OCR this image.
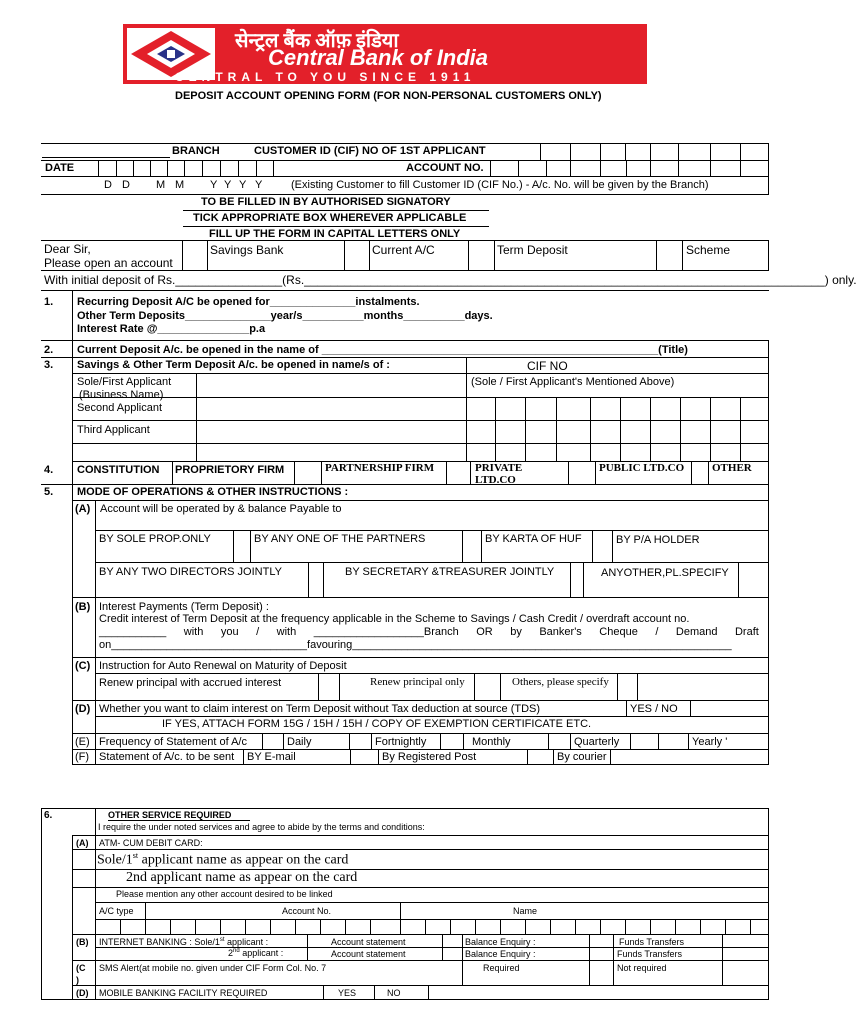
सेन्ट्रल बैंक ऑफ़ इंडिया
Central Bank of India
CENTRAL TO YOU SINCE 1911
DEPOSIT ACCOUNT OPENING FORM (FOR NON-PERSONAL CUSTOMERS ONLY)
BRANCH	CUSTOMER ID (CIF) NO OF 1ST APPLICANT
DATE	ACCOUNT NO.
D D M M Y Y Y Y	(Existing Customer to fill Customer ID (CIF No.) - A/c. No. will be given by the Branch)
TO BE FILLED IN BY AUTHORISED SIGNATORY
TICK APPROPRIATE BOX WHEREVER APPLICABLE
FILL UP THE FORM IN CAPITAL LETTERS ONLY
Dear Sir,
Please open an account
Savings Bank	Current A/C	Term Deposit	Scheme
With initial deposit of Rs.________________(Rs.______________________________________________________________________________) only.
1. Recurring Deposit A/C be opened for______________instalments.
Other Term Deposits______________year/s__________months__________days.
Interest Rate @_______________p.a
2. Current Deposit A/c. be opened in the name of _______________________________________________________(Title)
3. Savings & Other Term Deposit A/c. be opened in name/s of :	CIF NO
Sole/First Applicant
(Business Name)
(Sole / First Applicant's Mentioned Above)
Second Applicant
Third Applicant
4. CONSTITUTION PROPRIETORY FIRM	PARTNERSHIP FIRM	PRIVATE
LTD.CO
PUBLIC LTD.CO	OTHER
5. MODE OF OPERATIONS & OTHER INSTRUCTIONS :
(A) Account will be operated by & balance Payable to
BY SOLE PROP.ONLY	BY ANY ONE OF THE PARTNERS	BY KARTA OF HUF	BY P/A HOLDER
BY ANY TWO DIRECTORS JOINTLY	BY SECRETARY &TREASURER JOINTLY	ANYOTHER,PL.SPECIFY
(B) Interest Payments (Term Deposit) :
Credit interest of Term Deposit at the frequency applicable in the Scheme to Savings / Cash Credit / overdraft account no.
___________ with you / with __________________Branch OR by Banker's Cheque / Demand Draft
on________________________________favouring______________________________________________________________
(C) Instruction for Auto Renewal on Maturity of Deposit
Renew principal with accrued interest	Renew principal only	Others, please specify
(D) Whether you want to claim interest on Term Deposit without Tax deduction at source (TDS)	YES / NO
IF YES, ATTACH FORM 15G / 15H / 15H / COPY OF EXEMPTION CERTIFICATE ETC.
(E) Frequency of Statement of A/c	Daily	Fortnightly	Monthly	Quarterly	Yearly '
(F) Statement of A/c. to be sent BY E-mail	By Registered Post	By courier
6.	OTHER SERVICE REQUIRED
I require the under noted services and agree to abide by the terms and conditions:
(A) ATM- CUM DEBIT CARD:
Sole/1st applicant name as appear on the card
2nd applicant name as appear on the card
Please mention any other account desired to be linked
A/C type	Account No.	Name
(B) INTERNET BANKING : Sole/1st applicant :	Account statement	Balance Enquiry :	Funds Transfers
2nd applicant :	Account statement	Balance Enquiry :	Funds Transfers
(C
)
SMS Alert(at mobile no. given under CIF Form Col. No. 7	Required	Not required
(D) MOBILE BANKING FACILITY REQUIRED	YES	NO
